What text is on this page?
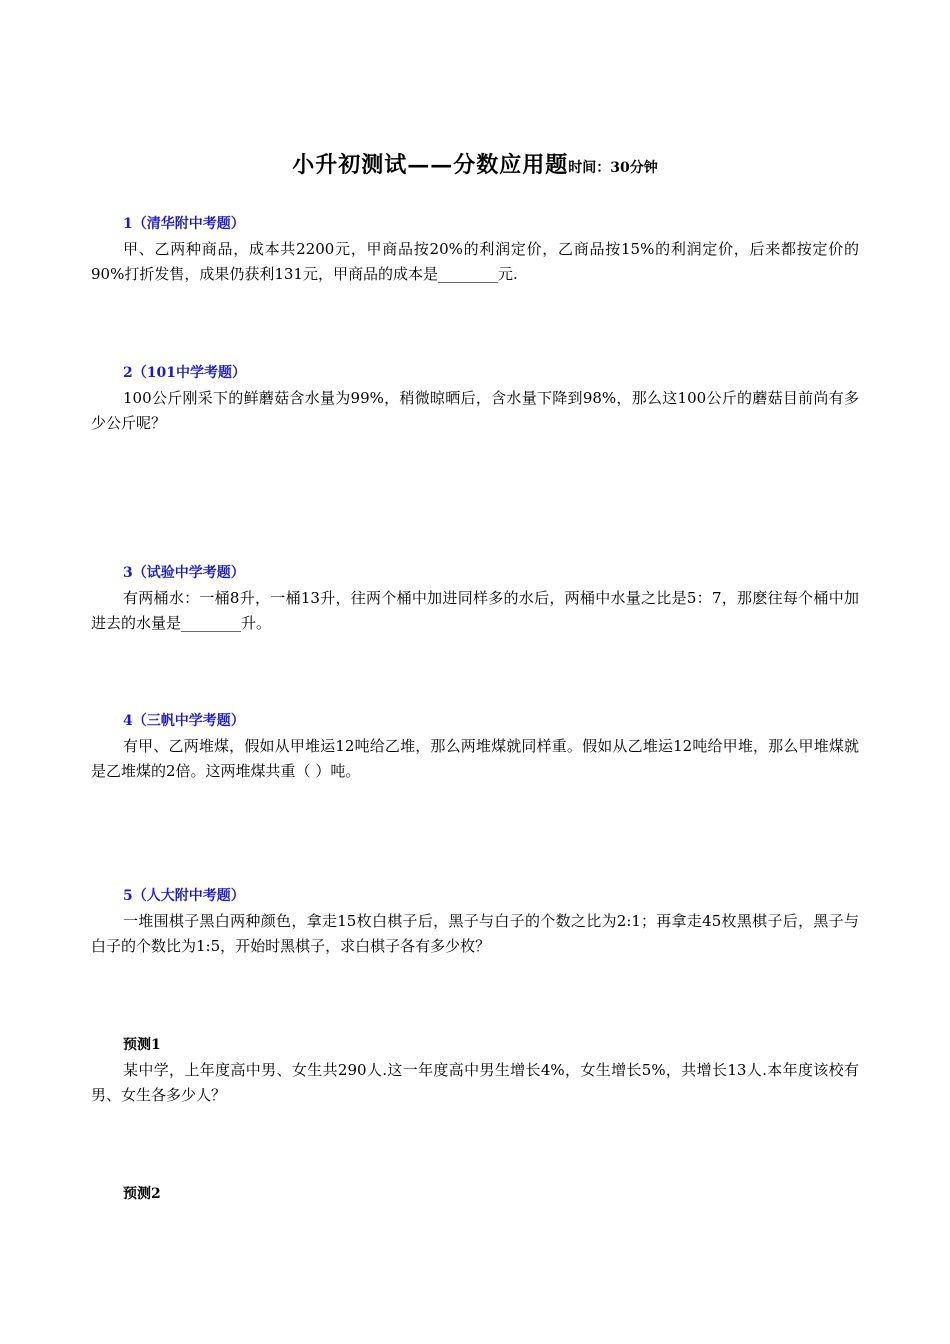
小升初测试——分数应用题时间：30分钟
1（清华附中考题）

甲、乙两种商品，成本共2200元，甲商品按20%的利润定价，乙商品按15%的利润定价，后来都按定价的90%打折发售，成果仍获利131元，甲商品的成本是________元.

2（101中学考题）

100公斤刚采下的鲜蘑菇含水量为99%，稍微晾晒后，含水量下降到98%，那么这100公斤的蘑菇目前尚有多少公斤呢？

3（试验中学考题）

有两桶水：一桶8升，一桶13升，往两个桶中加进同样多的水后，两桶中水量之比是5：7，那麽往每个桶中加进去的水量是________升。

4（三帆中学考题）

有甲、乙两堆煤，假如从甲堆运12吨给乙堆，那么两堆煤就同样重。假如从乙堆运12吨给甲堆，那么甲堆煤就是乙堆煤的2倍。这两堆煤共重（ ）吨。

5（人大附中考题）

一堆围棋子黑白两种颜色，拿走15枚白棋子后，黑子与白子的个数之比为2:1；再拿走45枚黑棋子后，黑子与白子的个数比为1:5，开始时黑棋子，求白棋子各有多少枚？

预测1

某中学，上年度高中男、女生共290人.这一年度高中男生增长4%，女生增长5%，共增长13人.本年度该校有男、女生各多少人？

预测2
